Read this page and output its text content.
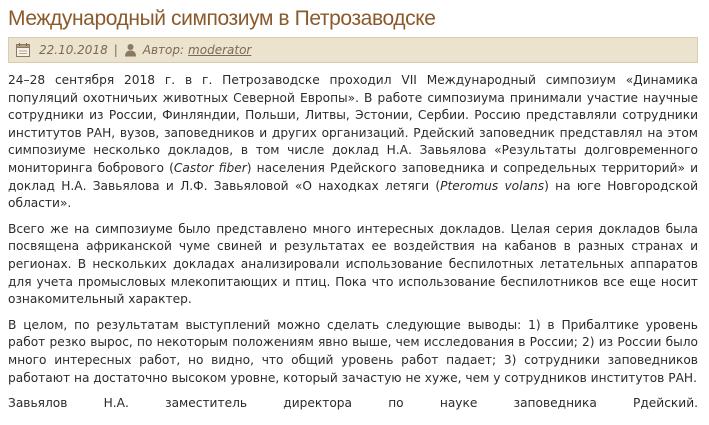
Международный симпозиум в Петрозаводске
22.10.2018 | Автор: moderator

24–28 сентября 2018 г. в г. Петрозаводске проходил VII Международный симпозиум «Динамика популяций охотничьих животных Северной Европы». В работе симпозиума принимали участие научные сотрудники из России, Финляндии, Польши, Литвы, Эстонии, Сербии. Россию представляли сотрудники институтов РАН, вузов, заповедников и других организаций. Рдейский заповедник представлял на этом симпозиуме несколько докладов, в том числе доклад Н.А. Завьялова «Результаты долговременного мониторинга бобрового (Castor fiber) населения Рдейского заповедника и сопредельных территорий» и доклад Н.А. Завьялова и Л.Ф. Завьяловой «О находках летяги (Pteromus volans) на юге Новгородской области».

Всего же на симпозиуме было представлено много интересных докладов. Целая серия докладов была посвящена африканской чуме свиней и результатах ее воздействия на кабанов в разных странах и регионах. В нескольких докладах анализировали использование беспилотных летательных аппаратов для учета промысловых млекопитающих и птиц. Пока что использование беспилотников все еще носит ознакомительный характер.

В целом, по результатам выступлений можно сделать следующие выводы: 1) в Прибалтике уровень работ резко вырос, по некоторым положениям явно выше, чем исследования в России; 2) из России было много интересных работ, но видно, что общий уровень работ падает; 3) сотрудники заповедников работают на достаточно высоком уровне, который зачастую не хуже, чем у сотрудников институтов РАН.

Завьялов Н.А. заместитель директора по науке заповедника Рдейский.
